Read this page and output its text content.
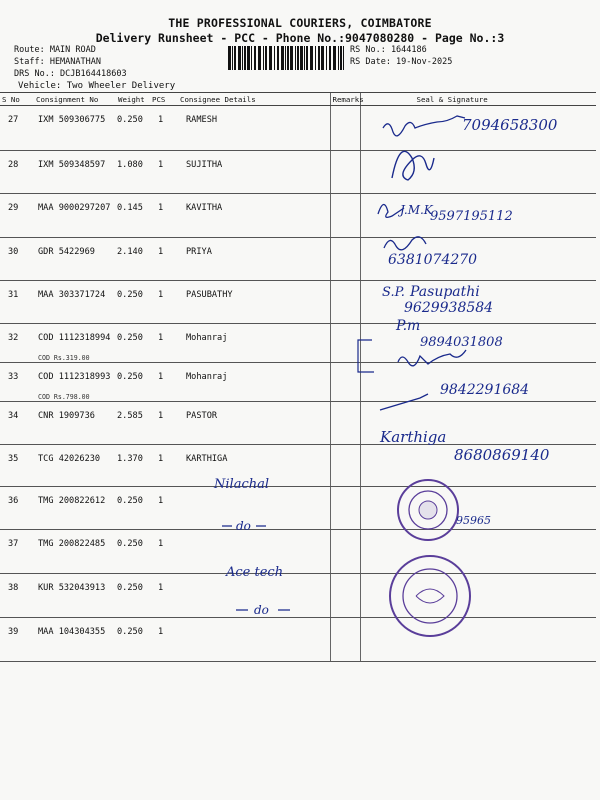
THE PROFESSIONAL COURIERS, COIMBATORE
Delivery Runsheet - PCC - Phone No.:9047080280 - Page No.:3
Route: MAIN ROAD
Staff: HEMANATHAN
DRS No.: DCJB164418603
Vehicle: Two Wheeler Delivery
RS No.: 1644186
RS Date: 19-Nov-2025
S No	Consignment No	Weight	PCS	Consignee Details	Remarks	Seal & Signature
27	IXM 509306775	0.250	1	RAMESH		
28	IXM 509348597	1.080	1	SUJITHA		
29	MAA 9000297207	0.145	1	KAVITHA		
30	GDR 5422969	2.140	1	PRIYA		
31	MAA 303371724	0.250	1	PASUBATHY		
32	COD 1112318994
COD Rs.319.00	0.250	1	Mohanraj		
33	COD 1112318993
COD Rs.798.00	0.250	1	Mohanraj		
34	CNR 1909736	2.585	1	PASTOR		
35	TCG 42026230	1.370	1	KARTHIGA		
36	TMG 200822612	0.250	1			
37	TMG 200822485	0.250	1			
38	KUR 532043913	0.250	1			
39	MAA 104304355	0.250	1			
7094658300
J.M.K
9597195112
6381074270
S.P. Pasupathi
9629938584
P.m
9894031808
9842291684
Karthiga
8680869140
Nilachal
do
Ace tech
do
95965
